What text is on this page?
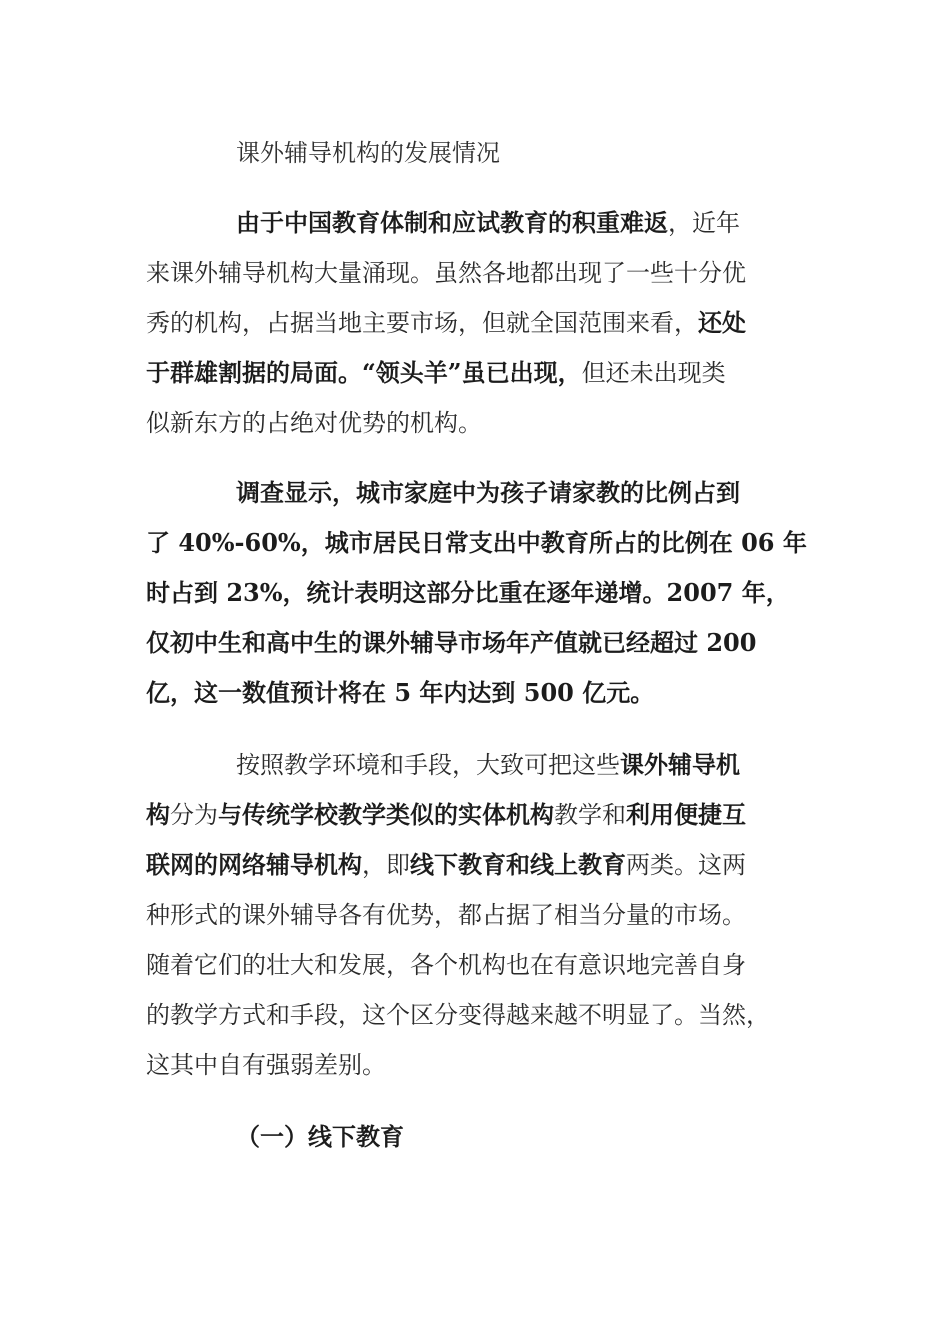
课外辅导机构的发展情况
由于中国教育体制和应试教育的积重难返，近年
来课外辅导机构大量涌现。虽然各地都出现了一些十分优
秀的机构，占据当地主要市场，但就全国范围来看，还处
于群雄割据的局面。“领头羊”虽已出现，但还未出现类
似新东方的占绝对优势的机构。
调查显示，城市家庭中为孩子请家教的比例占到
了 40%-60%，城市居民日常支出中教育所占的比例在 06 年
时占到 23%，统计表明这部分比重在逐年递增。2007 年，
仅初中生和高中生的课外辅导市场年产值就已经超过 200
亿，这一数值预计将在 5 年内达到 500 亿元。
按照教学环境和手段，大致可把这些课外辅导机
构分为与传统学校教学类似的实体机构教学和利用便捷互
联网的网络辅导机构，即线下教育和线上教育两类。这两
种形式的课外辅导各有优势，都占据了相当分量的市场。
随着它们的壮大和发展，各个机构也在有意识地完善自身
的教学方式和手段，这个区分变得越来越不明显了。当然，
这其中自有强弱差别。
（一）线下教育
